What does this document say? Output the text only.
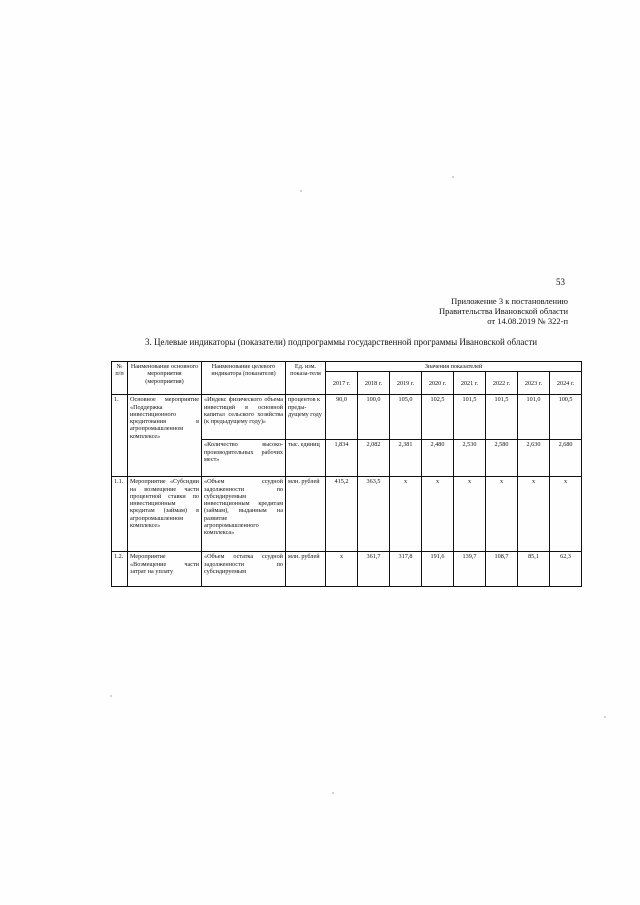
53
Приложение 3 к постановлению
Правительства Ивановской области
от 14.08.2019 № 322-п
3. Целевые индикаторы (показатели) подпрограммы государственной программы Ивановской области
№ п/п	Наименование основного мероприятия (мероприятия)	Наименование целевого индикатора (показателя)	Ед. изм. показа-теля	Значения показателей							
				2017 г.	2018 г.	2019 г.	2020 г.	2021 г.	2022 г.	2023 г.	2024 г.
1.	Основное мероприятие «Поддержка инвестиционного кредитования в агропромышленном комплексе»	«Индекс физического объема инвестиций в основной капитал сельского хозяйства (к предыдущему году)»	процентов к преды-дущему году	90,0	100,0	105,0	102,5	101,5	101,5	101,0	100,5
		«Количество высоко-производительных рабочих мест»	тыс. единиц	1,834	2,082	2,381	2,480	2,530	2,580	2,630	2,680
1.1.	Мероприятие «Субсидии на возмещение части процентной ставки по инвестиционным кредитам (займам) в агропромышленном комплексе»	«Объем ссудной задолженности по субсидируемым инвестиционным кредитам (займам), выданным на развитие агропромышленного комплекса»	млн. рублей	415,2	363,5	x	x	x	x	x	x
1.2.	Мероприятие «Возмещение части затрат на уплату	«Объем остатка ссудной задолженности по субсидируемым	млн. рублей	x	361,7	317,8	191,6	139,7	108,7	85,1	62,3
